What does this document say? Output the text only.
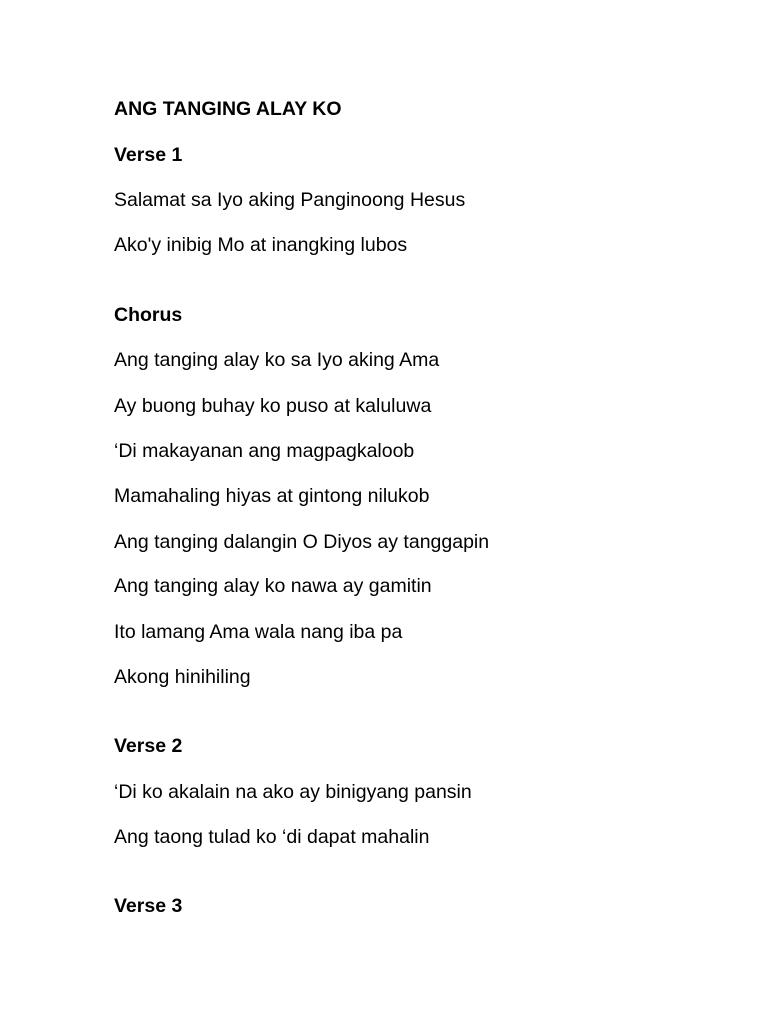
ANG TANGING ALAY KO
Verse 1
Salamat sa Iyo aking Panginoong Hesus
Ako'y inibig Mo at inangking lubos
Chorus
Ang tanging alay ko sa Iyo aking Ama
Ay buong buhay ko puso at kaluluwa
‘Di makayanan ang magpagkaloob
Mamahaling hiyas at gintong nilukob
Ang tanging dalangin O Diyos ay tanggapin
Ang tanging alay ko nawa ay gamitin
Ito lamang Ama wala nang iba pa
Akong hinihiling
Verse 2
‘Di ko akalain na ako ay binigyang pansin
Ang taong tulad ko ‘di dapat mahalin
Verse 3
